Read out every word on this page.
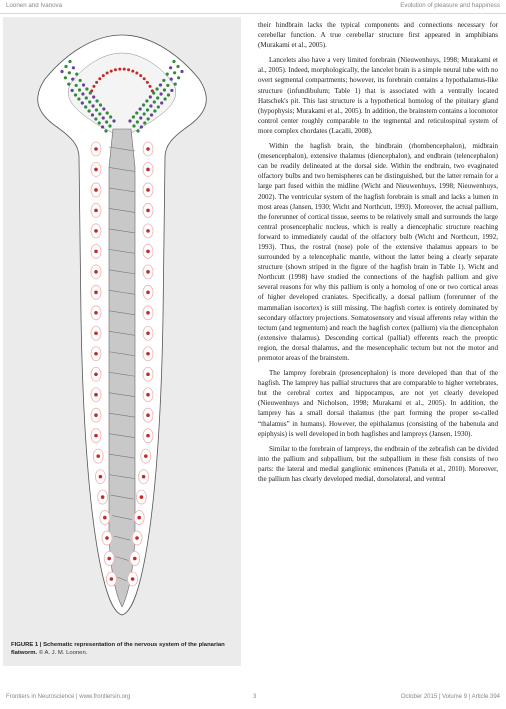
Loonen and Ivanova	Evolution of pleasure and happiness
FIGURE 1 | Schematic representation of the nervous system of the planarian flatworm. © A. J. M. Loonen.

their hindbrain lacks the typical components and connections necessary for cerebellar function. A true cerebellar structure first appeared in amphibians (Murakami et al., 2005).

Lancelets also have a very limited forebrain (Nieuwenhuys, 1998; Murakami et al., 2005). Indeed, morphologically, the lancelet brain is a simple neural tube with no overt segmental compartments; however, its forebrain contains a hypothalamus-like structure (infundibulum; Table 1) that is associated with a ventrally located Hatschek's pit. This last structure is a hypothetical homolog of the pituitary gland (hypophysis; Murakami et al., 2005). In addition, the brainstem contains a locomotor control center roughly comparable to the tegmental and reticulospinal system of more complex chordates (Lacalli, 2008).

Within the hagfish brain, the hindbrain (rhombencephalon), midbrain (mesencephalon), extensive thalamus (diencephalon), and endbrain (telencephalon) can be readily delineated at the dorsal side. Within the endbrain, two evaginated olfactory bulbs and two hemispheres can be distinguished, but the latter remain for a large part fused within the midline (Wicht and Nieuwenhuys, 1998; Nieuwenhuys, 2002). The ventricular system of the hagfish forebrain is small and lacks a lumen in most areas (Jansen, 1930; Wicht and Northcutt, 1993). Moreover, the actual pallium, the forerunner of cortical tissue, seems to be relatively small and surrounds the large central prosencephalic nucleus, which is really a diencephalic structure reaching forward to immediately caudal of the olfactory bulb (Wicht and Northcutt, 1992, 1993). Thus, the rostral (nose) pole of the extensive thalamus appears to be surrounded by a telencephalic mantle, without the latter being a clearly separate structure (shown striped in the figure of the hagfish brain in Table 1). Wicht and Northcutt (1998) have studied the connections of the hagfish pallium and give several reasons for why this pallium is only a homolog of one or two cortical areas of higher developed craniates. Specifically, a dorsal pallium (forerunner of the mammalian isocortex) is still missing. The hagfish cortex is entirely dominated by secondary olfactory projections. Somatosensory and visual afferents relay within the tectum (and tegmentum) and reach the hagfish cortex (pallium) via the diencephalon (extensive thalamus). Descending cortical (pallial) efferents reach the preoptic region, the dorsal thalamus, and the mesencephalic tectum but not the motor and premotor areas of the brainstem.

The lamprey forebrain (prosencephalon) is more developed than that of the hagfish. The lamprey has pallial structures that are comparable to higher vertebrates, but the cerebral cortex and hippocampus, are not yet clearly developed (Nieuwenhuys and Nicholson, 1998; Murakami et al., 2005). In addition, the lamprey has a small dorsal thalamus (the part forming the proper so-called “thalamus” in humans). However, the epithalamus (consisting of the habenula and epiphysis) is well developed in both hagfishes and lampreys (Jansen, 1930).

Similar to the forebrain of lampreys, the endbrain of the zebrafish can be divided into the pallium and subpallium, but the subpallium in these fish consists of two parts: the lateral and medial ganglionic eminences (Panula et al., 2010). Moreover, the pallium has clearly developed medial, dorsolateral, and ventral

Frontiers in Neuroscience | www.frontiersin.org	3	October 2015 | Volume 9 | Article 394
